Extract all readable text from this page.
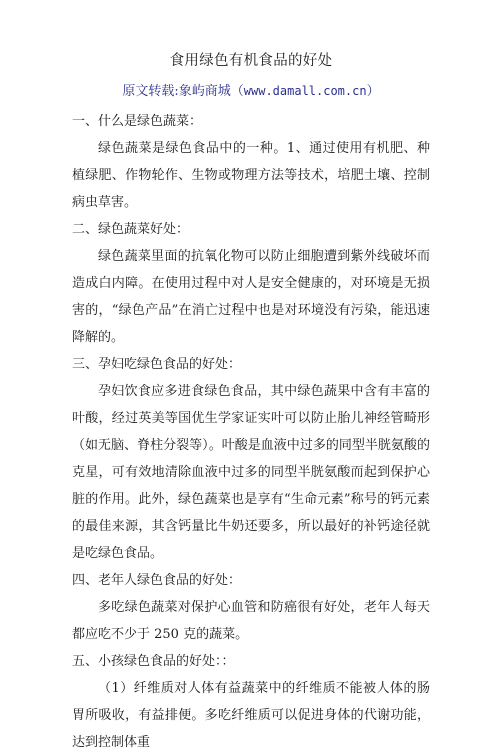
食用绿色有机食品的好处

原文转载:象屿商城（www.damall.com.cn）

一、什么是绿色蔬菜：

绿色蔬菜是绿色食品中的一种。1、通过使用有机肥、种植绿肥、作物轮作、生物或物理方法等技术，培肥土壤、控制病虫草害。

二、绿色蔬菜好处：

绿色蔬菜里面的抗氧化物可以防止细胞遭到紫外线破坏而造成白内障。在使用过程中对人是安全健康的，对环境是无损害的，“绿色产品”在消亡过程中也是对环境没有污染，能迅速降解的。

三、孕妇吃绿色食品的好处：

孕妇饮食应多进食绿色食品，其中绿色蔬果中含有丰富的叶酸，经过英美等国优生学家证实叶可以防止胎儿神经管畸形（如无脑、脊柱分裂等）。叶酸是血液中过多的同型半胱氨酸的克星，可有效地清除血液中过多的同型半胱氨酸而起到保护心脏的作用。此外，绿色蔬菜也是享有“生命元素”称号的钙元素的最佳来源，其含钙量比牛奶还要多，所以最好的补钙途径就是吃绿色食品。

四、老年人绿色食品的好处：

多吃绿色蔬菜对保护心血管和防癌很有好处，老年人每天都应吃不少于 250 克的蔬菜。

五、小孩绿色食品的好处：：

（1）纤维质对人体有益蔬菜中的纤维质不能被人体的肠胃所吸收，有益排便。多吃纤维质可以促进身体的代谢功能，达到控制体重
